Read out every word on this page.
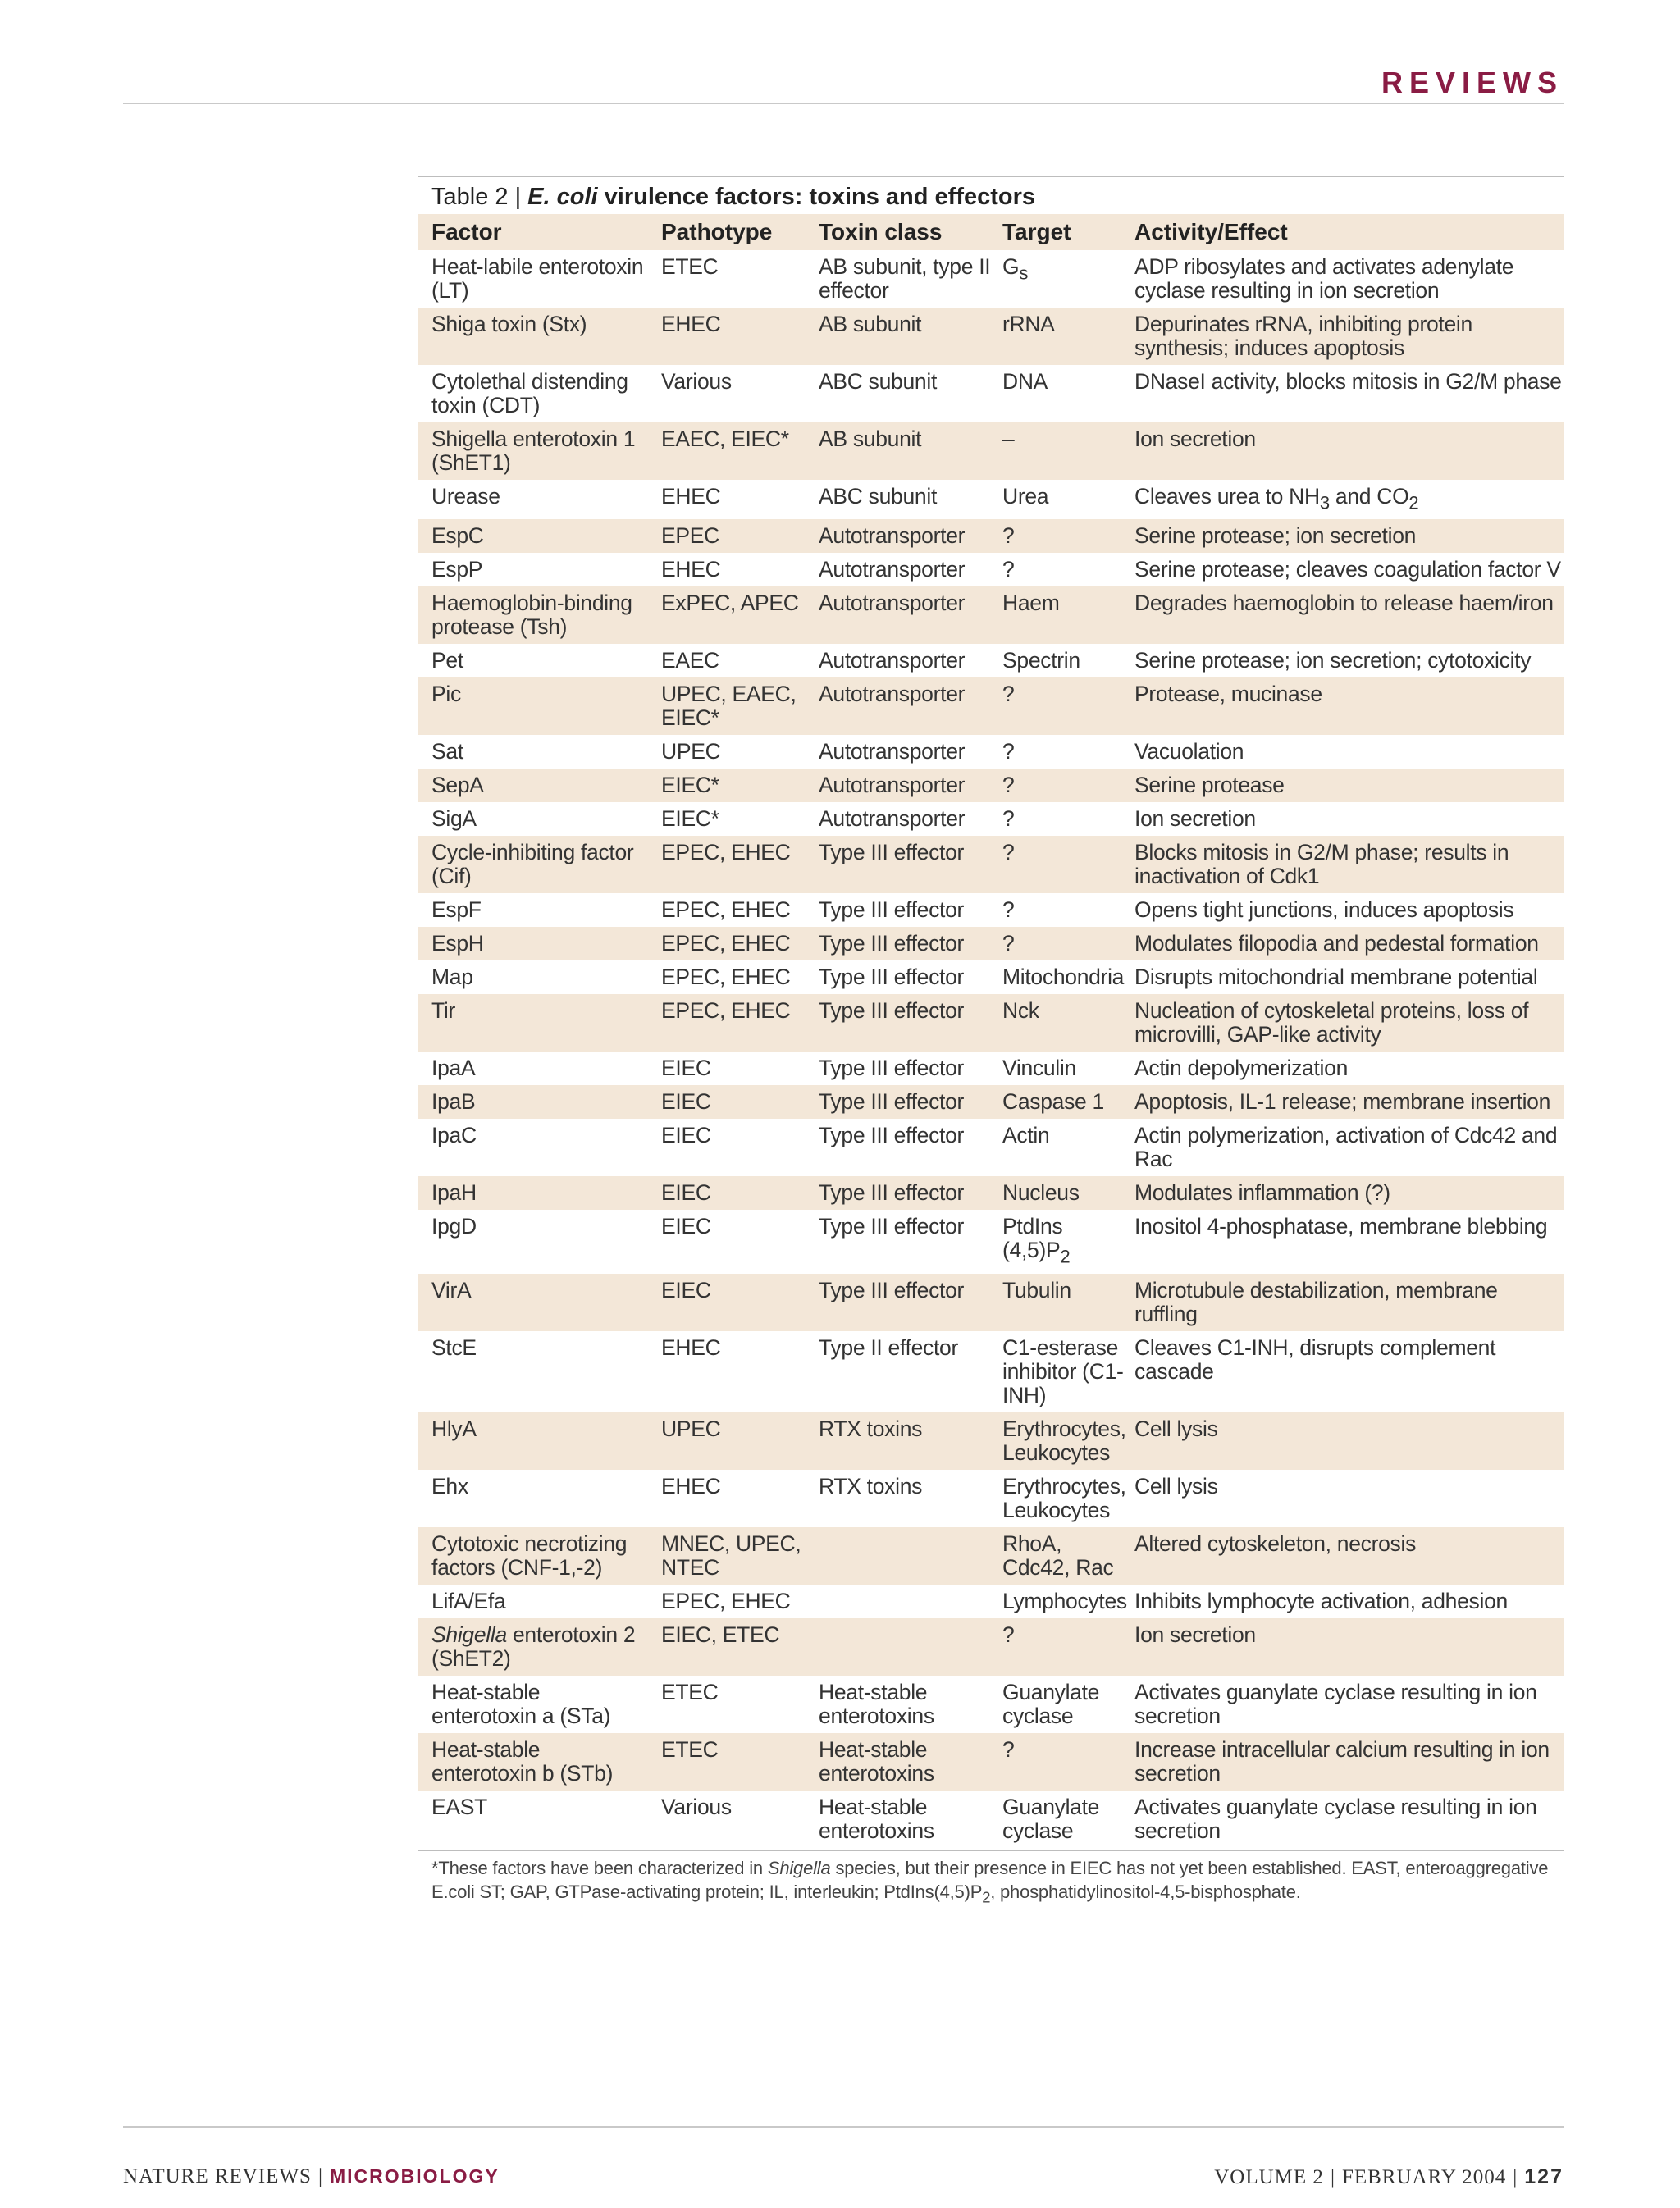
REVIEWS
Table 2 | E. coli virulence factors: toxins and effectors
Factor	Pathotype	Toxin class	Target	Activity/Effect
Heat-labile enterotoxin (LT)	ETEC	AB subunit, type II effector	$G_s$	ADP ribosylates and activates adenylate cyclase resulting in ion secretion
Shiga toxin (Stx)	EHEC	AB subunit	rRNA	Depurinates rRNA, inhibiting protein synthesis; induces apoptosis
Cytolethal distending toxin (CDT)	Various	ABC subunit	DNA	DNaseI activity, blocks mitosis in G2/M phase
Shigella enterotoxin 1 (ShET1)	EAEC, EIEC*	AB subunit	–	Ion secretion
Urease	EHEC	ABC subunit	Urea	Cleaves urea to $NH_3$ and $CO_2$
EspC	EPEC	Autotransporter	?	Serine protease; ion secretion
EspP	EHEC	Autotransporter	?	Serine protease; cleaves coagulation factor V
Haemoglobin-binding protease (Tsh)	ExPEC, APEC	Autotransporter	Haem	Degrades haemoglobin to release haem/iron
Pet	EAEC	Autotransporter	Spectrin	Serine protease; ion secretion; cytotoxicity
Pic	UPEC, EAEC, EIEC*	Autotransporter	?	Protease, mucinase
Sat	UPEC	Autotransporter	?	Vacuolation
SepA	EIEC*	Autotransporter	?	Serine protease
SigA	EIEC*	Autotransporter	?	Ion secretion
Cycle-inhibiting factor (Cif)	EPEC, EHEC	Type III effector	?	Blocks mitosis in G2/M phase; results in inactivation of Cdk1
EspF	EPEC, EHEC	Type III effector	?	Opens tight junctions, induces apoptosis
EspH	EPEC, EHEC	Type III effector	?	Modulates filopodia and pedestal formation
Map	EPEC, EHEC	Type III effector	Mitochondria	Disrupts mitochondrial membrane potential
Tir	EPEC, EHEC	Type III effector	Nck	Nucleation of cytoskeletal proteins, loss of microvilli, GAP-like activity
IpaA	EIEC	Type III effector	Vinculin	Actin depolymerization
IpaB	EIEC	Type III effector	Caspase 1	Apoptosis, IL-1 release; membrane insertion
IpaC	EIEC	Type III effector	Actin	Actin polymerization, activation of Cdc42 and Rac
IpaH	EIEC	Type III effector	Nucleus	Modulates inflammation (?)
IpgD	EIEC	Type III effector	PtdIns $(4,5)P_2$	Inositol 4-phosphatase, membrane blebbing
VirA	EIEC	Type III effector	Tubulin	Microtubule destabilization, membrane ruffling
StcE	EHEC	Type II effector	C1-esterase inhibitor (C1-INH)	Cleaves C1-INH, disrupts complement cascade
HlyA	UPEC	RTX toxins	Erythrocytes, Leukocytes	Cell lysis
Ehx	EHEC	RTX toxins	Erythrocytes, Leukocytes	Cell lysis
Cytotoxic necrotizing factors (CNF-1,-2)	MNEC, UPEC, NTEC		RhoA, Cdc42, Rac	Altered cytoskeleton, necrosis
LifA/Efa	EPEC, EHEC		Lymphocytes	Inhibits lymphocyte activation, adhesion
Shigella enterotoxin 2 (ShET2)	EIEC, ETEC		?	Ion secretion
Heat-stable enterotoxin a (STa)	ETEC	Heat-stable enterotoxins	Guanylate cyclase	Activates guanylate cyclase resulting in ion secretion
Heat-stable enterotoxin b (STb)	ETEC	Heat-stable enterotoxins	?	Increase intracellular calcium resulting in ion secretion
EAST	Various	Heat-stable enterotoxins	Guanylate cyclase	Activates guanylate cyclase resulting in ion secretion
*These factors have been characterized in Shigella species, but their presence in EIEC has not yet been established. EAST, enteroaggregative E.coli ST; GAP, GTPase-activating protein; IL, interleukin; $PtdIns(4,5)P_2$, phosphatidylinositol-4,5-bisphosphate.
NATURE REVIEWS | MICROBIOLOGY	VOLUME 2 | FEBRUARY 2004 | 127
